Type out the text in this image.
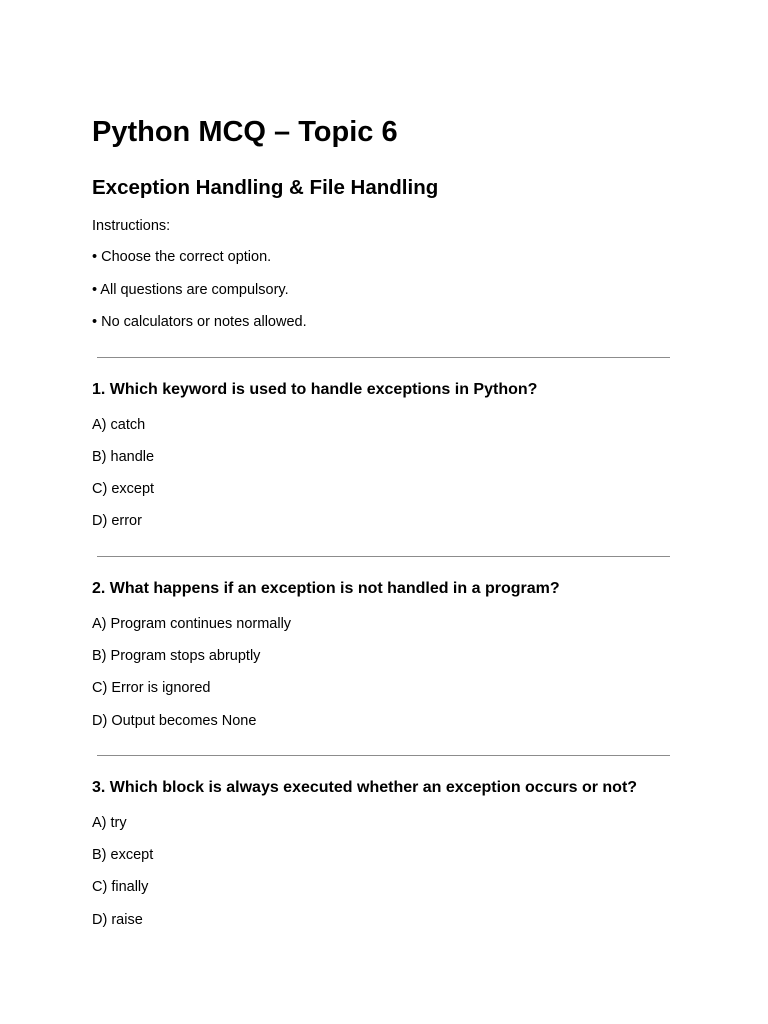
Python MCQ – Topic 6
Exception Handling & File Handling
Instructions:
• Choose the correct option.
• All questions are compulsory.
• No calculators or notes allowed.
1. Which keyword is used to handle exceptions in Python?
A) catch
B) handle
C) except
D) error
2. What happens if an exception is not handled in a program?
A) Program continues normally
B) Program stops abruptly
C) Error is ignored
D) Output becomes None
3. Which block is always executed whether an exception occurs or not?
A) try
B) except
C) finally
D) raise
